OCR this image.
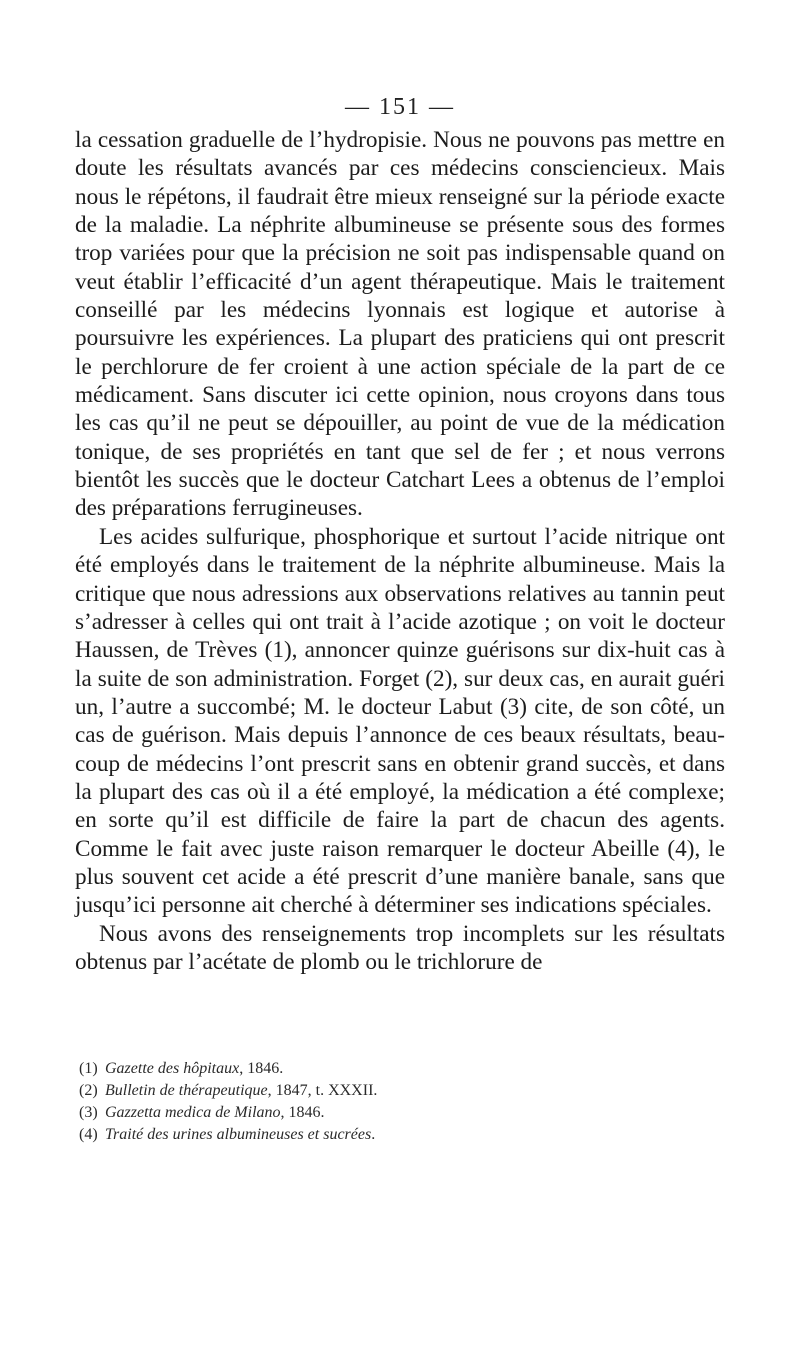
— 151 —

la cessation graduelle de l’hydropisie. Nous ne pouvons pas mettre en doute les résultats avancés par ces médecins consciencieux. Mais nous le répétons, il faudrait être mieux renseigné sur la période exacte de la maladie. La néphrite albumineuse se présente sous des formes trop variées pour que la précision ne soit pas indispensable quand on veut établir l’efficacité d’un agent thérapeutique. Mais le traitement conseillé par les médecins lyonnais est logique et autorise à poursuivre les expériences. La plupart des praticiens qui ont prescrit le perchlorure de fer croient à une action spéciale de la part de ce médicament. Sans discuter ici cette opinion, nous croyons dans tous les cas qu’il ne peut se dépouiller, au point de vue de la médication tonique, de ses propriétés en tant que sel de fer ; et nous verrons bientôt les succès que le docteur Catchart Lees a obtenus de l’emploi des préparations ferrugineuses.

Les acides sulfurique, phosphorique et surtout l’acide nitrique ont été employés dans le traitement de la néphrite albumineuse. Mais la critique que nous adressions aux observations relatives au tannin peut s’adresser à celles qui ont trait à l’acide azotique ; on voit le docteur Haussen, de Trèves (1), annoncer quinze guérisons sur dix-huit cas à la suite de son administration. Forget (2), sur deux cas, en aurait guéri un, l’autre a succombé; M. le docteur Labut (3) cite, de son côté, un cas de guérison. Mais depuis l’annonce de ces beaux résultats, beaucoup de médecins l’ont prescrit sans en obtenir grand succès, et dans la plupart des cas où il a été employé, la médication a été complexe; en sorte qu’il est difficile de faire la part de chacun des agents. Comme le fait avec juste raison remarquer le docteur Abeille (4), le plus souvent cet acide a été prescrit d’une manière banale, sans que jusqu’ici personne ait cherché à déterminer ses indications spéciales.

Nous avons des renseignements trop incomplets sur les résultats obtenus par l’acétate de plomb ou le trichlorure de

(1) Gazette des hôpitaux, 1846.

(2) Bulletin de thérapeutique, 1847, t. XXXII.

(3) Gazzetta medica de Milano, 1846.

(4) Traité des urines albumineuses et sucrées.
